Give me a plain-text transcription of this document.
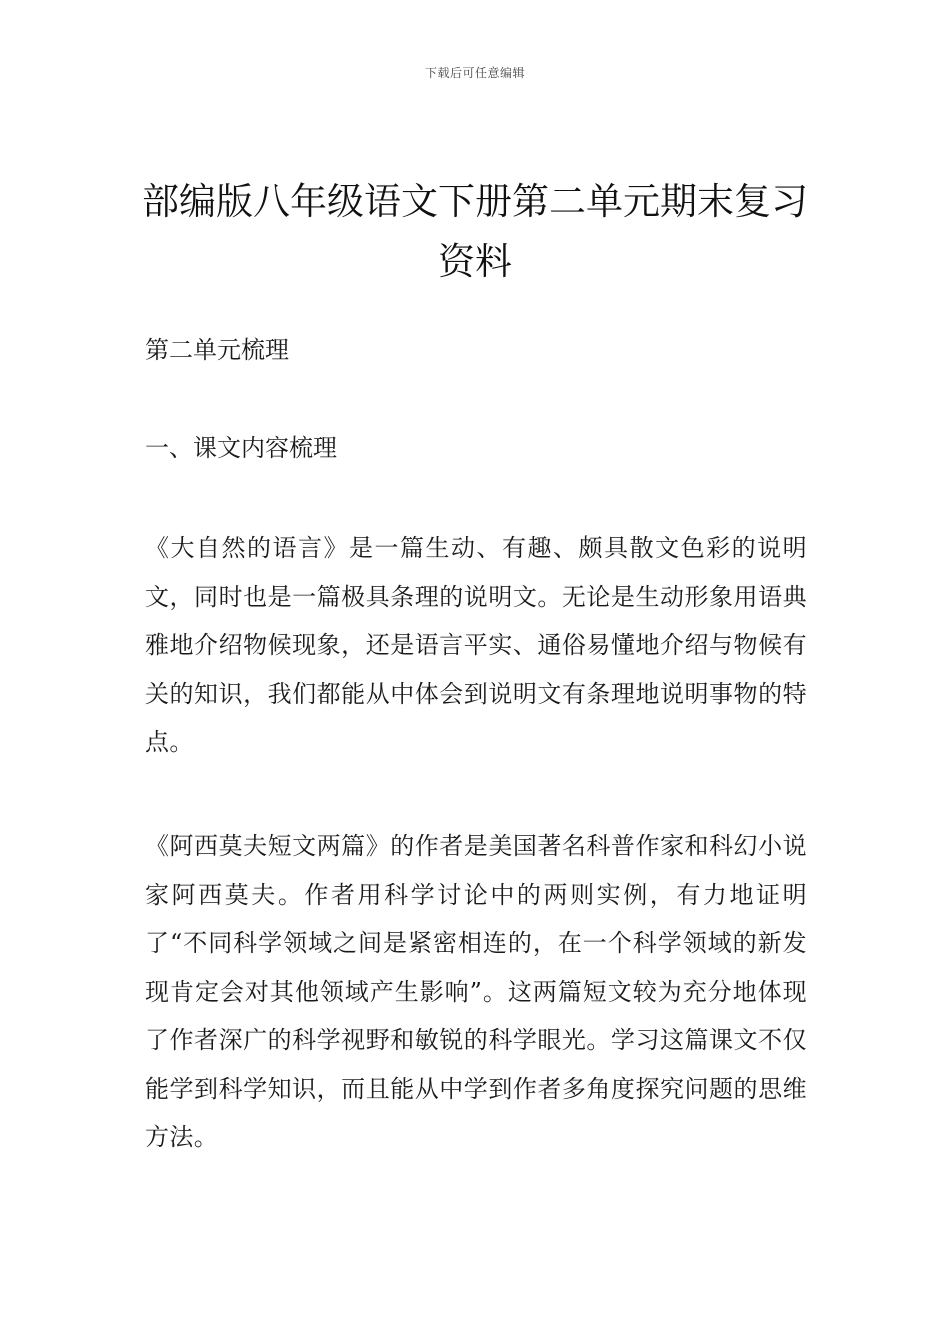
下载后可任意编辑
部编版八年级语文下册第二单元期末复习资料
第二单元梳理
一、课文内容梳理

《大自然的语言》是一篇生动、有趣、颇具散文色彩的说明文，同时也是一篇极具条理的说明文。无论是生动形象用语典雅地介绍物候现象，还是语言平实、通俗易懂地介绍与物候有关的知识，我们都能从中体会到说明文有条理地说明事物的特点。

《阿西莫夫短文两篇》的作者是美国著名科普作家和科幻小说家阿西莫夫。作者用科学讨论中的两则实例，有力地证明了“不同科学领域之间是紧密相连的，在一个科学领域的新发现肯定会对其他领域产生影响”。这两篇短文较为充分地体现了作者深广的科学视野和敏锐的科学眼光。学习这篇课文不仅能学到科学知识，而且能从中学到作者多角度探究问题的思维方法。
